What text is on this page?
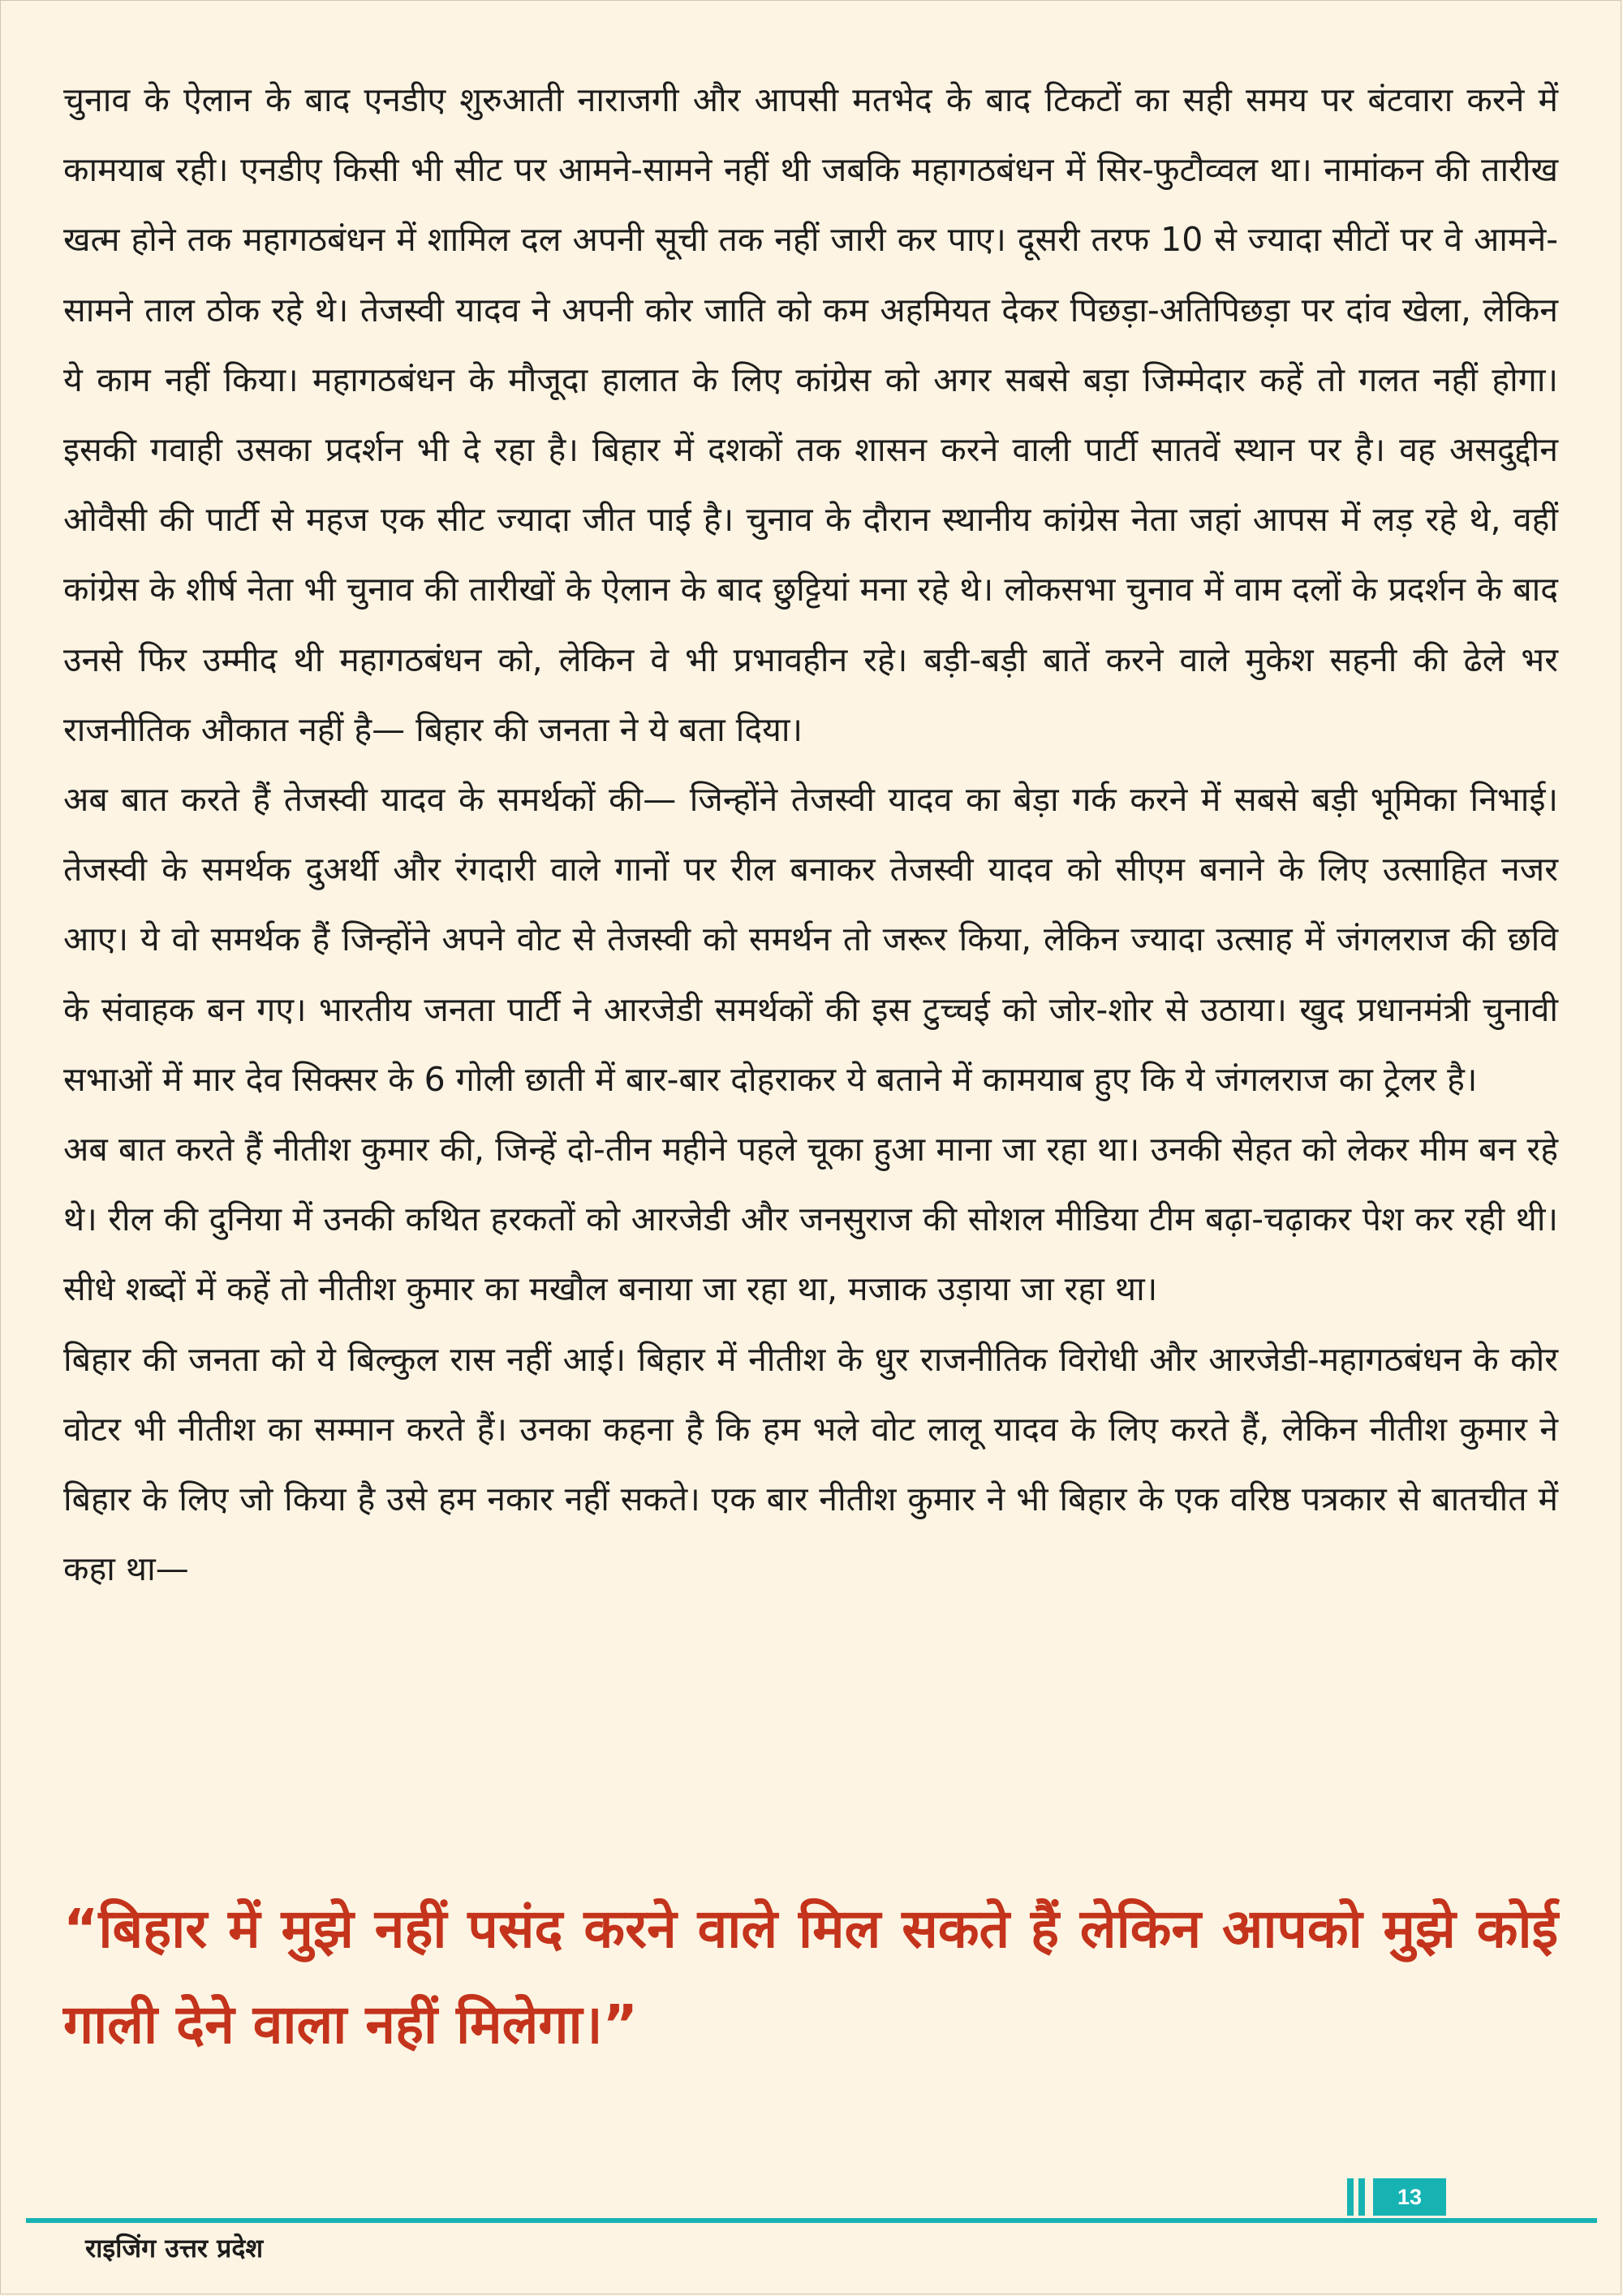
चुनाव के ऐलान के बाद एनडीए शुरुआती नाराजगी और आपसी मतभेद के बाद टिकटों का सही समय पर बंटवारा करने में कामयाब रही। एनडीए किसी भी सीट पर आमने-सामने नहीं थी जबकि महागठबंधन में सिर-फुटौव्वल था। नामांकन की तारीख खत्म होने तक महागठबंधन में शामिल दल अपनी सूची तक नहीं जारी कर पाए। दूसरी तरफ 10 से ज्यादा सीटों पर वे आमने-सामने ताल ठोक रहे थे। तेजस्वी यादव ने अपनी कोर जाति को कम अहमियत देकर पिछड़ा-अतिपिछड़ा पर दांव खेला, लेकिन ये काम नहीं किया। महागठबंधन के मौजूदा हालात के लिए कांग्रेस को अगर सबसे बड़ा जिम्मेदार कहें तो गलत नहीं होगा। इसकी गवाही उसका प्रदर्शन भी दे रहा है। बिहार में दशकों तक शासन करने वाली पार्टी सातवें स्थान पर है। वह असदुद्दीन ओवैसी की पार्टी से महज एक सीट ज्यादा जीत पाई है। चुनाव के दौरान स्थानीय कांग्रेस नेता जहां आपस में लड़ रहे थे, वहीं कांग्रेस के शीर्ष नेता भी चुनाव की तारीखों के ऐलान के बाद छुट्टियां मना रहे थे। लोकसभा चुनाव में वाम दलों के प्रदर्शन के बाद उनसे फिर उम्मीद थी महागठबंधन को, लेकिन वे भी प्रभावहीन रहे। बड़ी-बड़ी बातें करने वाले मुकेश सहनी की ढेले भर राजनीतिक औकात नहीं है— बिहार की जनता ने ये बता दिया।

अब बात करते हैं तेजस्वी यादव के समर्थकों की— जिन्होंने तेजस्वी यादव का बेड़ा गर्क करने में सबसे बड़ी भूमिका निभाई। तेजस्वी के समर्थक दुअर्थी और रंगदारी वाले गानों पर रील बनाकर तेजस्वी यादव को सीएम बनाने के लिए उत्साहित नजर आए। ये वो समर्थक हैं जिन्होंने अपने वोट से तेजस्वी को समर्थन तो जरूर किया, लेकिन ज्यादा उत्साह में जंगलराज की छवि के संवाहक बन गए। भारतीय जनता पार्टी ने आरजेडी समर्थकों की इस टुच्चई को जोर-शोर से उठाया। खुद प्रधानमंत्री चुनावी सभाओं में मार देव सिक्सर के 6 गोली छाती में बार-बार दोहराकर ये बताने में कामयाब हुए कि ये जंगलराज का ट्रेलर है।

अब बात करते हैं नीतीश कुमार की, जिन्हें दो-तीन महीने पहले चूका हुआ माना जा रहा था। उनकी सेहत को लेकर मीम बन रहे थे। रील की दुनिया में उनकी कथित हरकतों को आरजेडी और जनसुराज की सोशल मीडिया टीम बढ़ा-चढ़ाकर पेश कर रही थी। सीधे शब्दों में कहें तो नीतीश कुमार का मखौल बनाया जा रहा था, मजाक उड़ाया जा रहा था।

बिहार की जनता को ये बिल्कुल रास नहीं आई। बिहार में नीतीश के धुर राजनीतिक विरोधी और आरजेडी-महागठबंधन के कोर वोटर भी नीतीश का सम्मान करते हैं। उनका कहना है कि हम भले वोट लालू यादव के लिए करते हैं, लेकिन नीतीश कुमार ने बिहार के लिए जो किया है उसे हम नकार नहीं सकते। एक बार नीतीश कुमार ने भी बिहार के एक वरिष्ठ पत्रकार से बातचीत में कहा था—

“बिहार में मुझे नहीं पसंद करने वाले मिल सकते हैं लेकिन आपको मुझे कोई गाली देने वाला नहीं मिलेगा।”

13
राइजिंग उत्तर प्रदेश
